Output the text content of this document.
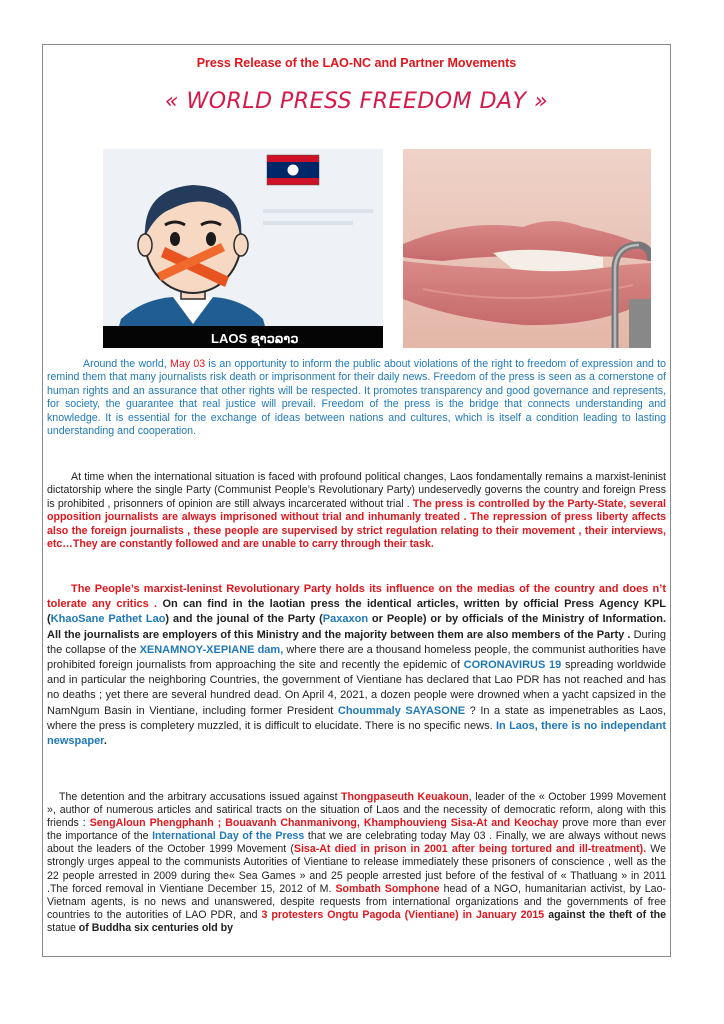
Press Release of the LAO-NC and Partner Movements
« WORLD PRESS FREEDOM DAY »
LAOS ຊາວລາວ

Around the world, May 03 is an opportunity to inform the public about violations of the right to freedom of expression and to remind them that many journalists risk death or imprisonment for their daily news. Freedom of the press is seen as a cornerstone of human rights and an assurance that other rights will be respected. It promotes transparency and good governance and represents, for society, the guarantee that real justice will prevail. Freedom of the press is the bridge that connects understanding and knowledge. It is essential for the exchange of ideas between nations and cultures, which is itself a condition leading to lasting understanding and cooperation.

At time when the international situation is faced with profound political changes, Laos fondamentally remains a marxist-leninist dictatorship where the single Party (Communist People’s Revolutionary Party) undeservedly governs the country and foreign Press is prohibited , prisonners of opinion are still always incarcerated without trial . The press is controlled by the Party-State, several opposition journalists are always imprisoned without trial and inhumanly treated . The repression of press liberty affects also the foreign journalists , these people are supervised by strict regulation relating to their movement , their interviews, etc…They are constantly followed and are unable to carry through their task.

The People’s marxist-leninst Revolutionary Party holds its influence on the medias of the country and does n’t tolerate any critics . On can find in the laotian press the identical articles, written by official Press Agency KPL (KhaoSane Pathet Lao) and the jounal of the Party (Paxaxon or People) or by officials of the Ministry of Information. All the journalists are employers of this Ministry and the majority between them are also members of the Party . During the collapse of the XENAMNOY-XEPIANE dam, where there are a thousand homeless people, the communist authorities have prohibited foreign journalists from approaching the site and recently the epidemic of CORONAVIRUS 19 spreading worldwide and in particular the neighboring Countries, the government of Vientiane has declared that Lao PDR has not reached and has no deaths ; yet there are several hundred dead. On April 4, 2021, a dozen people were drowned when a yacht capsized in the NamNgum Basin in Vientiane, including former President Choummaly SAYASONE ? In a state as impenetrables as Laos, where the press is completery muzzled, it is difficult to elucidate. There is no specific news. In Laos, there is no independant newspaper.

The detention and the arbitrary accusations issued against Thongpaseuth Keuakoun, leader of the « October 1999 Movement », author of numerous articles and satirical tracts on the situation of Laos and the necessity of democratic reform, along with this friends : SengAloun Phengphanh ; Bouavanh Chanmanivong, Khamphouvieng Sisa-At and Keochay prove more than ever the importance of the International Day of the Press that we are celebrating today May 03 . Finally, we are always without news about the leaders of the October 1999 Movement (Sisa-At died in prison in 2001 after being tortured and ill-treatment). We strongly urges appeal to the communists Autorities of Vientiane to release immediately these prisoners of conscience , well as the 22 people arrested in 2009 during the« Sea Games » and 25 people arrested just before of the festival of « Thatluang » in 2011 .The forced removal in Vientiane December 15, 2012 of M. Sombath Somphone head of a NGO, humanitarian activist, by Lao-Vietnam agents, is no news and unanswered, despite requests from international organizations and the governments of free countries to the autorities of LAO PDR, and 3 protesters Ongtu Pagoda (Vientiane) in January 2015 against the theft of the statue of Buddha six centuries old by
